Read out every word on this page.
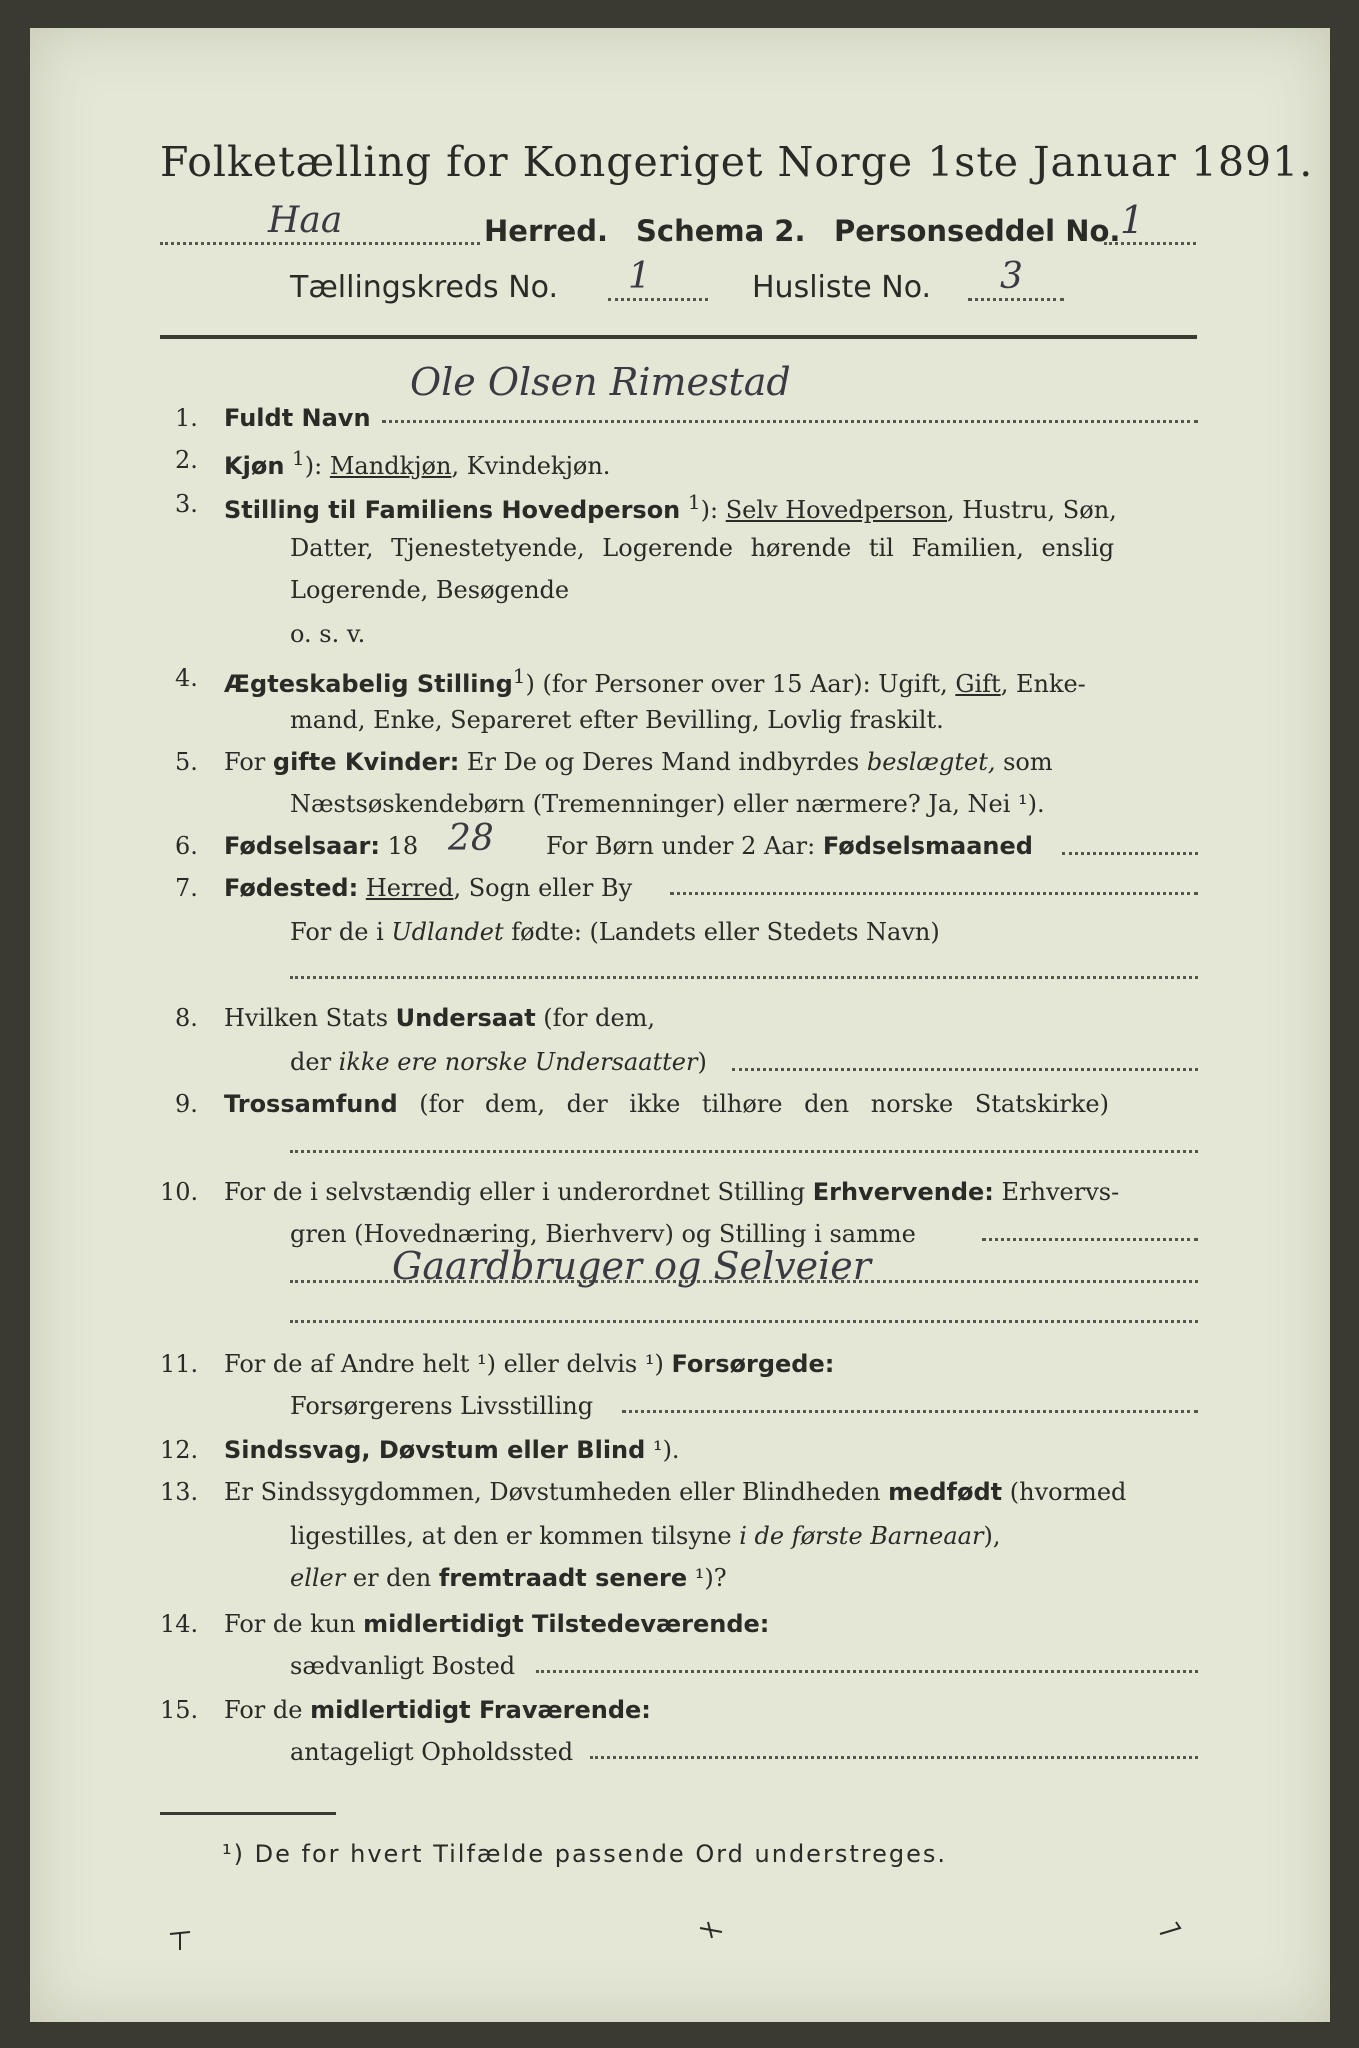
Folketælling for Kongeriget Norge 1ste Januar 1891.
Haa	Herred. Schema 2. Personseddel No. 1
Tællingskreds No. 1	Husliste No. 3
1. Fuldt Navn
Ole Olsen Rimestad
2. Kjøn $^1$): Mandkjøn, Kvindekjøn.
3. Stilling til Familiens Hovedperson $^1$): Selv Hovedperson, Hustru, Søn,
Datter, Tjenestetyende, Logerende hørende til Familien, enslig
Logerende, Besøgende
o. s. v.
4. Ægteskabelig Stilling$^1$) (for Personer over 15 Aar): Ugift, Gift, Enke-
mand, Enke, Separeret efter Bevilling, Lovlig fraskilt.
5. For gifte Kvinder: Er De og Deres Mand indbyrdes beslægtet, som
Næstsøskendebørn (Tremenninger) eller nærmere? Ja, Nei ¹).
6. Fødselsaar: 18 28 For Børn under 2 Aar: Fødselsmaaned
7. Fødested: Herred, Sogn eller By
For de i Udlandet fødte: (Landets eller Stedets Navn)
8. Hvilken Stats Undersaat (for dem,
der ikke ere norske Undersaatter)
9. Trossamfund (for dem, der ikke tilhøre den norske Statskirke)
10. For de i selvstændig eller i underordnet Stilling Erhvervende: Erhvervs-
gren (Hovednæring, Bierhverv) og Stilling i samme
Gaardbruger og Selveier
11. For de af Andre helt ¹) eller delvis ¹) Forsørgede:
Forsørgerens Livsstilling
12. Sindssvag, Døvstum eller Blind ¹).
13. Er Sindssygdommen, Døvstumheden eller Blindheden medfødt (hvormed
ligestilles, at den er kommen tilsyne i de første Barneaar),
eller er den fremtraadt senere ¹)?
14. For de kun midlertidigt Tilstedeværende:
sædvanligt Bosted
15. For de midlertidigt Fraværende:
antageligt Opholdssted
¹) De for hvert Tilfælde passende Ord understreges.
